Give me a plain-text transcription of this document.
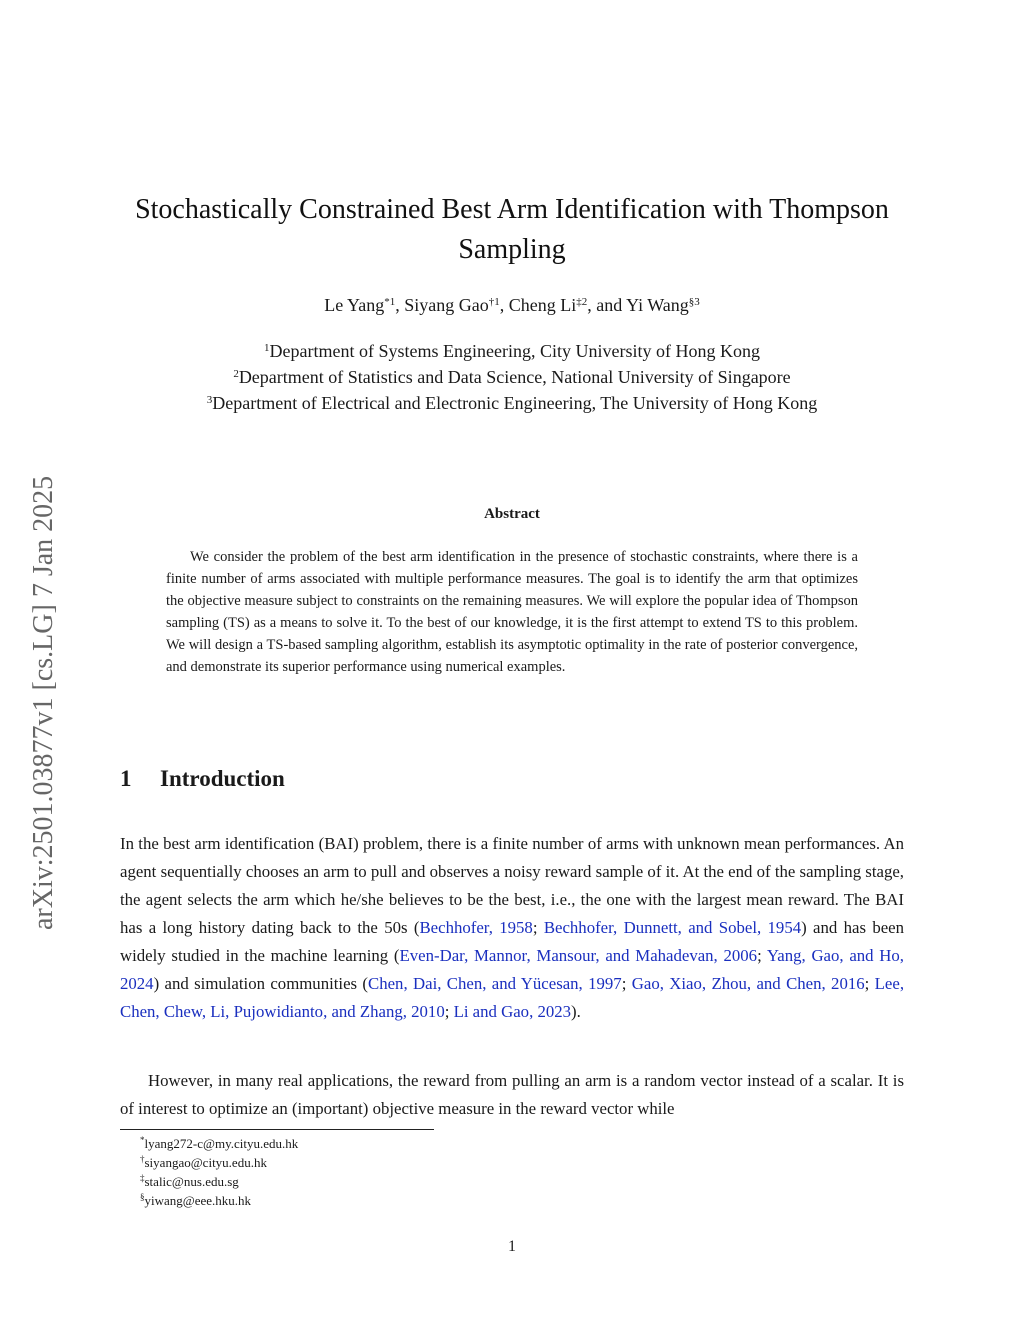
arXiv:2501.03877v1 [cs.LG] 7 Jan 2025
Stochastically Constrained Best Arm Identification with Thompson Sampling
Le Yang$^{*1}$, Siyang Gao$^{\dagger 1}$, Cheng Li$^{\ddagger 2}$, and Yi Wang$^{\S 3}$
$^1$Department of Systems Engineering, City University of Hong Kong
$^2$Department of Statistics and Data Science, National University of Singapore
$^3$Department of Electrical and Electronic Engineering, The University of Hong Kong
Abstract

We consider the problem of the best arm identification in the presence of stochastic constraints, where there is a finite number of arms associated with multiple performance measures. The goal is to identify the arm that optimizes the objective measure subject to constraints on the remaining measures. We will explore the popular idea of Thompson sampling (TS) as a means to solve it. To the best of our knowledge, it is the first attempt to extend TS to this problem. We will design a TS-based sampling algorithm, establish its asymptotic optimality in the rate of posterior convergence, and demonstrate its superior performance using numerical examples.

1 Introduction

In the best arm identification (BAI) problem, there is a finite number of arms with unknown mean performances. An agent sequentially chooses an arm to pull and observes a noisy reward sample of it. At the end of the sampling stage, the agent selects the arm which he/she believes to be the best, i.e., the one with the largest mean reward. The BAI has a long history dating back to the 50s (Bechhofer, 1958; Bechhofer, Dunnett, and Sobel, 1954) and has been widely studied in the machine learning (Even-Dar, Mannor, Mansour, and Mahadevan, 2006; Yang, Gao, and Ho, 2024) and simulation communities (Chen, Dai, Chen, and Yücesan, 1997; Gao, Xiao, Zhou, and Chen, 2016; Lee, Chen, Chew, Li, Pujowidianto, and Zhang, 2010; Li and Gao, 2023).

However, in many real applications, the reward from pulling an arm is a random vector instead of a scalar. It is of interest to optimize an (important) objective measure in the reward vector while

*lyang272-c@my.cityu.edu.hk
†siyangao@cityu.edu.hk
‡stalic@nus.edu.sg
§yiwang@eee.hku.hk
1
